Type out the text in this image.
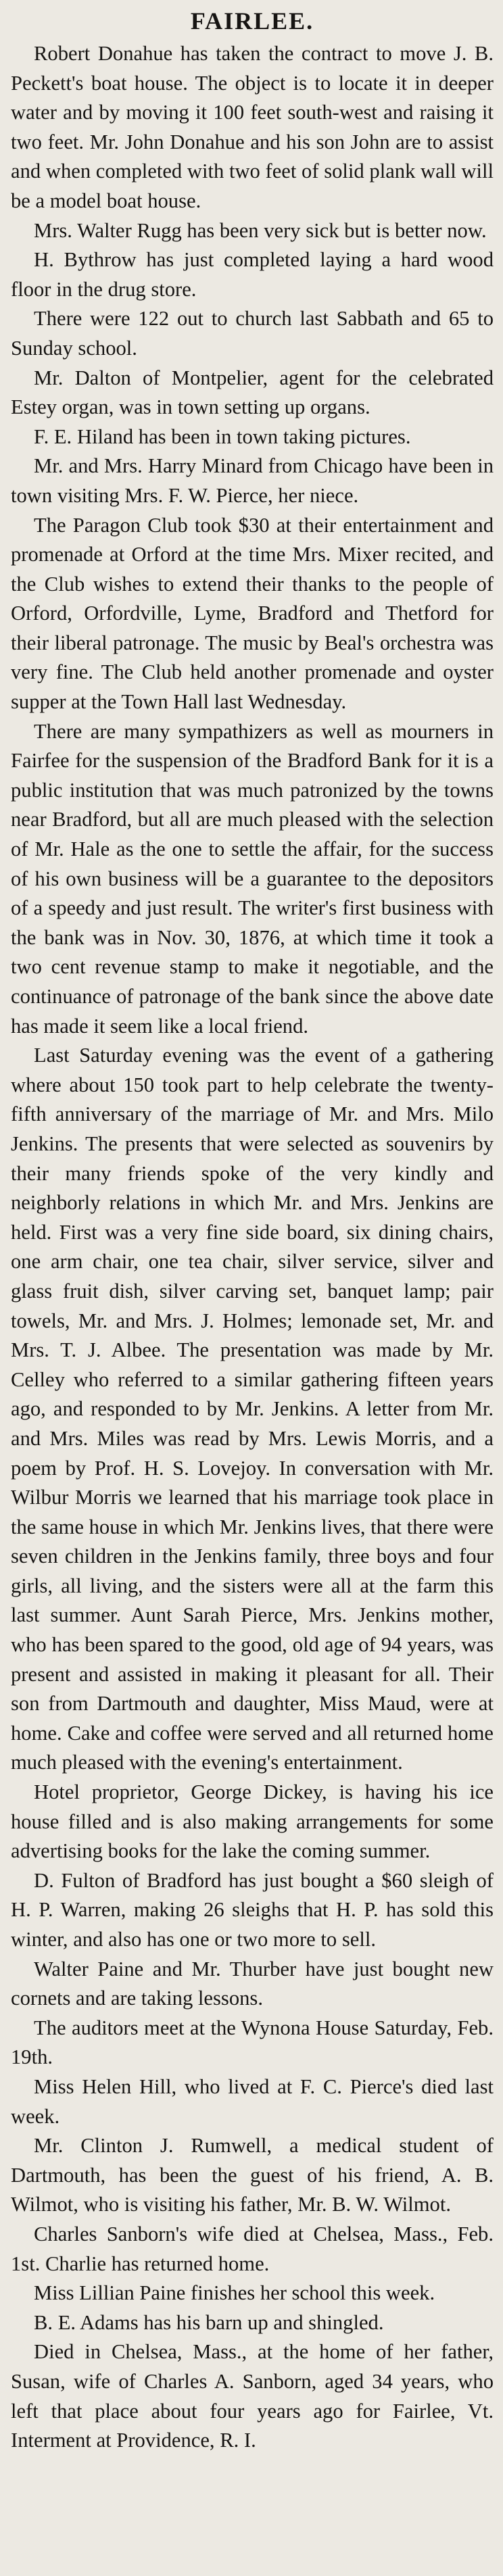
FAIRLEE.

Robert Donahue has taken the contract to move J. B. Peckett's boat house. The object is to locate it in deeper water and by moving it 100 feet south-west and raising it two feet. Mr. John Donahue and his son John are to assist and when completed with two feet of solid plank wall will be a model boat house.

Mrs. Walter Rugg has been very sick but is better now.

H. Bythrow has just completed laying a hard wood floor in the drug store.

There were 122 out to church last Sabbath and 65 to Sunday school.

Mr. Dalton of Montpelier, agent for the celebrated Estey organ, was in town setting up organs.

F. E. Hiland has been in town taking pictures.

Mr. and Mrs. Harry Minard from Chicago have been in town visiting Mrs. F. W. Pierce, her niece.

The Paragon Club took $30 at their entertainment and promenade at Orford at the time Mrs. Mixer recited, and the Club wishes to extend their thanks to the people of Orford, Orfordville, Lyme, Bradford and Thetford for their liberal patronage. The music by Beal's orchestra was very fine. The Club held another promenade and oyster supper at the Town Hall last Wednesday.

There are many sympathizers as well as mourners in Fairfee for the suspension of the Bradford Bank for it is a public institution that was much patronized by the towns near Bradford, but all are much pleased with the selection of Mr. Hale as the one to settle the affair, for the success of his own business will be a guarantee to the depositors of a speedy and just result. The writer's first business with the bank was in Nov. 30, 1876, at which time it took a two cent revenue stamp to make it negotiable, and the continuance of patronage of the bank since the above date has made it seem like a local friend.

Last Saturday evening was the event of a gathering where about 150 took part to help celebrate the twenty-fifth anniversary of the marriage of Mr. and Mrs. Milo Jenkins. The presents that were selected as souvenirs by their many friends spoke of the very kindly and neighborly relations in which Mr. and Mrs. Jenkins are held. First was a very fine side board, six dining chairs, one arm chair, one tea chair, silver service, silver and glass fruit dish, silver carving set, banquet lamp; pair towels, Mr. and Mrs. J. Holmes; lemonade set, Mr. and Mrs. T. J. Albee. The presentation was made by Mr. Celley who referred to a similar gathering fifteen years ago, and responded to by Mr. Jenkins. A letter from Mr. and Mrs. Miles was read by Mrs. Lewis Morris, and a poem by Prof. H. S. Lovejoy. In conversation with Mr. Wilbur Morris we learned that his marriage took place in the same house in which Mr. Jenkins lives, that there were seven children in the Jenkins family, three boys and four girls, all living, and the sisters were all at the farm this last summer. Aunt Sarah Pierce, Mrs. Jenkins mother, who has been spared to the good, old age of 94 years, was present and assisted in making it pleasant for all. Their son from Dartmouth and daughter, Miss Maud, were at home. Cake and coffee were served and all returned home much pleased with the evening's entertainment.

Hotel proprietor, George Dickey, is having his ice house filled and is also making arrangements for some advertising books for the lake the coming summer.

D. Fulton of Bradford has just bought a $60 sleigh of H. P. Warren, making 26 sleighs that H. P. has sold this winter, and also has one or two more to sell.

Walter Paine and Mr. Thurber have just bought new cornets and are taking lessons.

The auditors meet at the Wynona House Saturday, Feb. 19th.

Miss Helen Hill, who lived at F. C. Pierce's died last week.

Mr. Clinton J. Rumwell, a medical student of Dartmouth, has been the guest of his friend, A. B. Wilmot, who is visiting his father, Mr. B. W. Wilmot.

Charles Sanborn's wife died at Chelsea, Mass., Feb. 1st. Charlie has returned home.

Miss Lillian Paine finishes her school this week.

B. E. Adams has his barn up and shingled.

Died in Chelsea, Mass., at the home of her father, Susan, wife of Charles A. Sanborn, aged 34 years, who left that place about four years ago for Fairlee, Vt. Interment at Providence, R. I.
